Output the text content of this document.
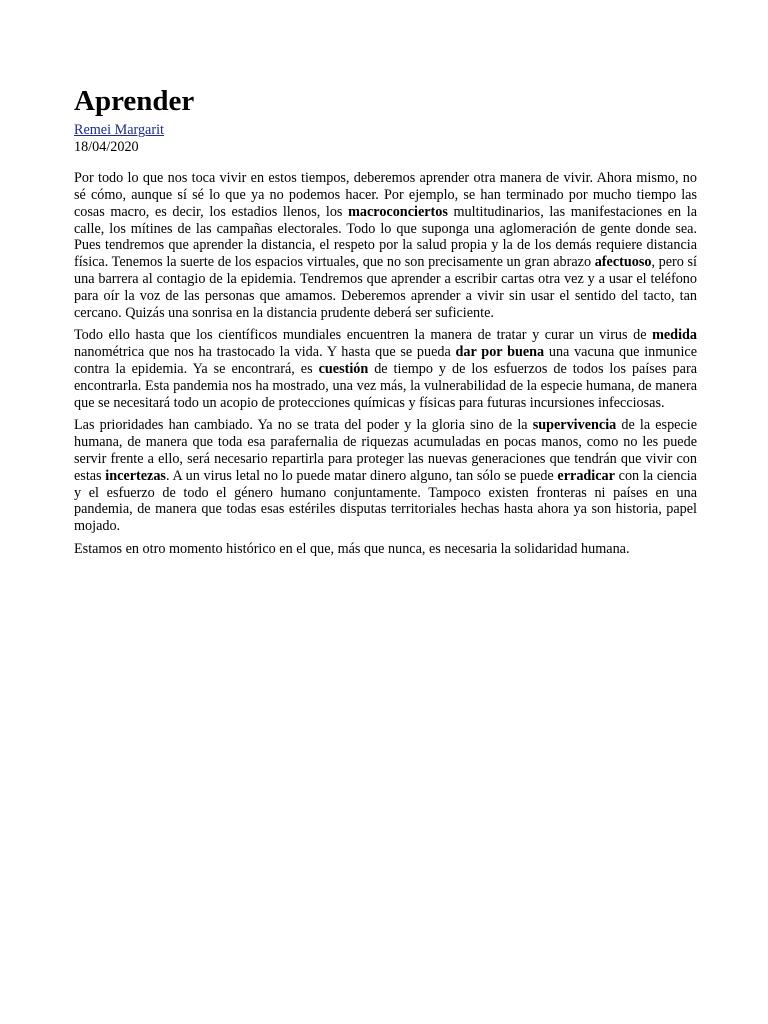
Aprender
Remei Margarit
18/04/2020

Por todo lo que nos toca vivir en estos tiempos, deberemos aprender otra manera de vivir. Ahora mismo, no sé cómo, aunque sí sé lo que ya no podemos hacer. Por ejemplo, se han terminado por mucho tiempo las cosas macro, es decir, los estadios llenos, los macroconciertos multitudinarios, las manifestaciones en la calle, los mítines de las campañas electorales. Todo lo que suponga una aglomeración de gente donde sea. Pues tendremos que aprender la distancia, el respeto por la salud propia y la de los demás requiere distancia física. Tenemos la suerte de los espacios virtuales, que no son precisamente un gran abrazo afectuoso, pero sí una barrera al contagio de la epidemia. Tendremos que aprender a escribir cartas otra vez y a usar el teléfono para oír la voz de las personas que amamos. Deberemos aprender a vivir sin usar el sentido del tacto, tan cercano. Quizás una sonrisa en la distancia prudente deberá ser suficiente.

Todo ello hasta que los científicos mundiales encuentren la manera de tratar y curar un virus de medida nanométrica que nos ha trastocado la vida. Y hasta que se pueda dar por buena una vacuna que inmunice contra la epidemia. Ya se encontrará, es cuestión de tiempo y de los esfuerzos de todos los países para encontrarla. Esta pandemia nos ha mostrado, una vez más, la vulnerabilidad de la especie humana, de manera que se necesitará todo un acopio de protecciones químicas y físicas para futuras incursiones infecciosas.

Las prioridades han cambiado. Ya no se trata del poder y la gloria sino de la supervivencia de la especie humana, de manera que toda esa parafernalia de riquezas acumuladas en pocas manos, como no les puede servir frente a ello, será necesario repartirla para proteger las nuevas generaciones que tendrán que vivir con estas incertezas. A un virus letal no lo puede matar dinero alguno, tan sólo se puede erradicar con la ciencia y el esfuerzo de todo el género humano conjuntamente. Tampoco existen fronteras ni países en una pandemia, de manera que todas esas estériles disputas territoriales hechas hasta ahora ya son historia, papel mojado.

Estamos en otro momento histórico en el que, más que nunca, es necesaria la solidaridad humana.
